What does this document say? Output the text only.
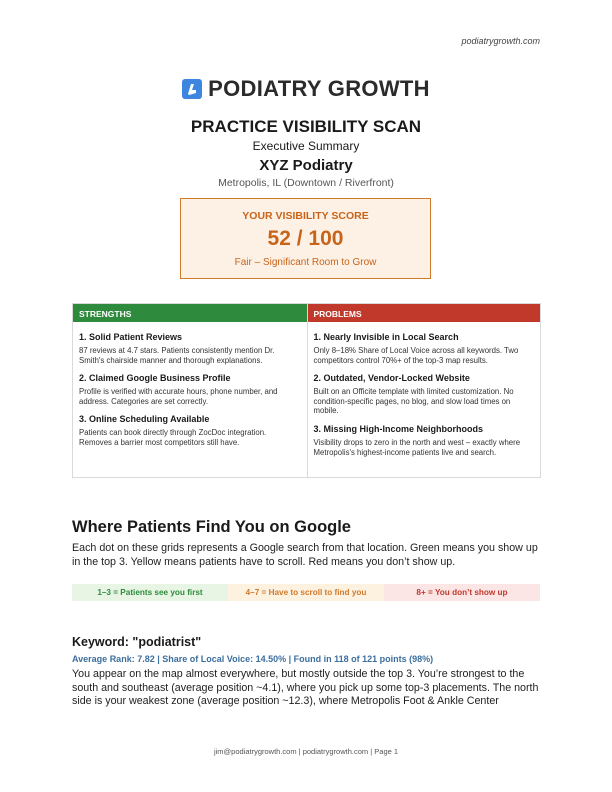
podiatrygrowth.com
PODIATRY GROWTH
PRACTICE VISIBILITY SCAN
Executive Summary
XYZ Podiatry
Metropolis, IL (Downtown / Riverfront)
YOUR VISIBILITY SCORE
52 / 100
Fair – Significant Room to Grow
STRENGTHS
1. Solid Patient Reviews
87 reviews at 4.7 stars. Patients consistently mention Dr. Smith's chairside manner and thorough explanations.
2. Claimed Google Business Profile
Profile is verified with accurate hours, phone number, and address. Categories are set correctly.
3. Online Scheduling Available
Patients can book directly through ZocDoc integration. Removes a barrier most competitors still have.
PROBLEMS
1. Nearly Invisible in Local Search
Only 8–18% Share of Local Voice across all keywords. Two competitors control 70%+ of the top-3 map results.
2. Outdated, Vendor-Locked Website
Built on an Officite template with limited customization. No condition-specific pages, no blog, and slow load times on mobile.
3. Missing High-Income Neighborhoods
Visibility drops to zero in the north and west – exactly where Metropolis's highest-income patients live and search.
Where Patients Find You on Google
Each dot on these grids represents a Google search from that location. Green means you show up in the top 3. Yellow means patients have to scroll. Red means you don’t show up.
1–3 = Patients see you first	4–7 = Have to scroll to find you	8+ = You don’t show up
Keyword: "podiatrist"
Average Rank: 7.82 | Share of Local Voice: 14.50% | Found in 118 of 121 points (98%)
You appear on the map almost everywhere, but mostly outside the top 3. You’re strongest to the south and southeast (average position ~4.1), where you pick up some top-3 placements. The north side is your weakest zone (average position ~12.3), where Metropolis Foot & Ankle Center
jim@podiatrygrowth.com | podiatrygrowth.com | Page 1
